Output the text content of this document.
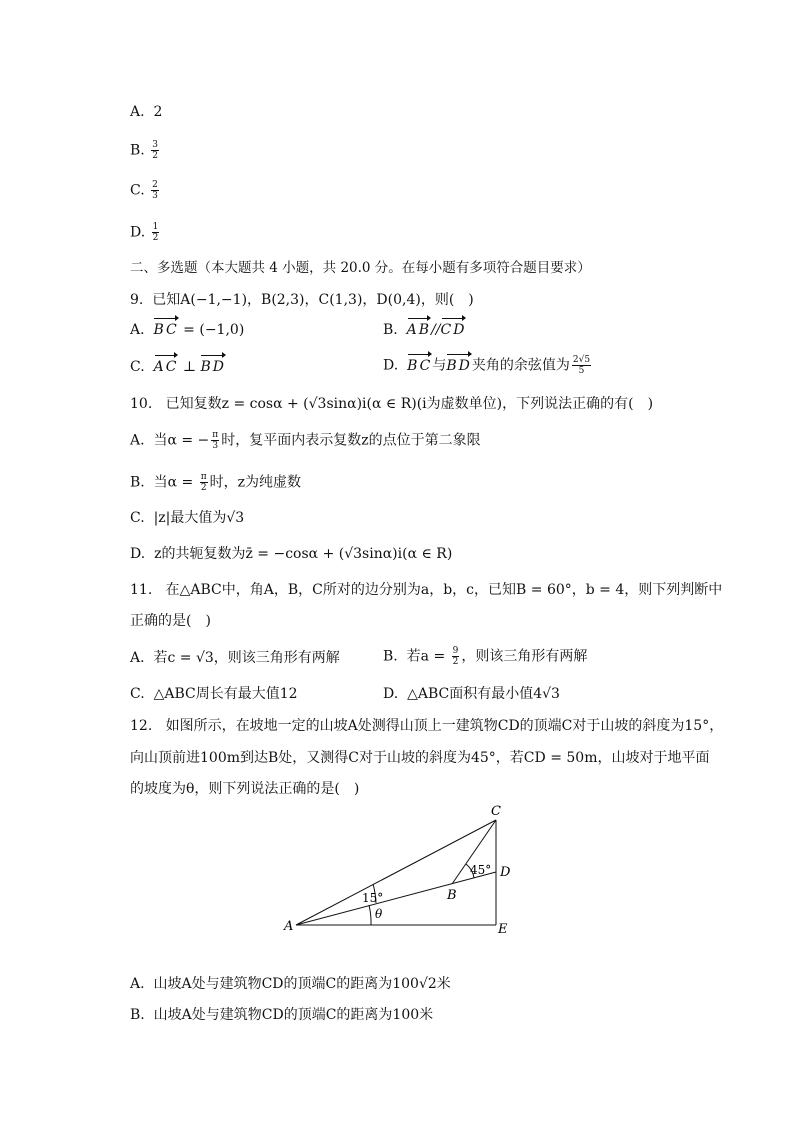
A. 2
B. $\frac{3}{2}$
C. $\frac{2}{3}$
D. $\frac{1}{2}$
二、多选题（本大题共 4 小题，共 20.0 分。在每小题有多项符合题目要求）
9. 已知A(−1,−1)，B(2,3)，C(1,3)，D(0,4)，则(　)
A. BC = (−1,0)	B. AB//CD
C. AC ⊥ BD	D. BC与BD夹角的余弦值为 $\frac{2√5}{5}$
10. 已知复数z = cosα + (√3sinα)i(α ∈ R)(i为虚数单位)，下列说法正确的有(　)
A. 当α = − $\frac{\pi}{3}$ 时，复平面内表示复数z的点位于第二象限
B. 当$\alpha = \frac{\pi}{2}$ 时，z为纯虚数
C. |z|最大值为√3
D. z的共轭复数为z̄ = −cosα + (√3sinα)i(α ∈ R)
11. 在△ABC中，角A，B，C所对的边分别为a，b，c，已知B = 60°，b = 4，则下列判断中
正确的是(　)
A. 若c = √3，则该三角形有两解	B. 若$a = \frac{9}{2}$ ，则该三角形有两解
C. △ABC周长有最大值12	D. △ABC面积有最小值4√3
12. 如图所示，在坡地一定的山坡A处测得山顶上一建筑物CD的顶端C对于山坡的斜度为15°，
向山顶前进100m到达B处，又测得C对于山坡的斜度为45°，若CD = 50m，山坡对于地平面
的坡度为θ，则下列说法正确的是(　)
A
B
C
D
E
15°
45°
θ
A. 山坡A处与建筑物CD的顶端C的距离为100√2米
B. 山坡A处与建筑物CD的顶端C的距离为100米
